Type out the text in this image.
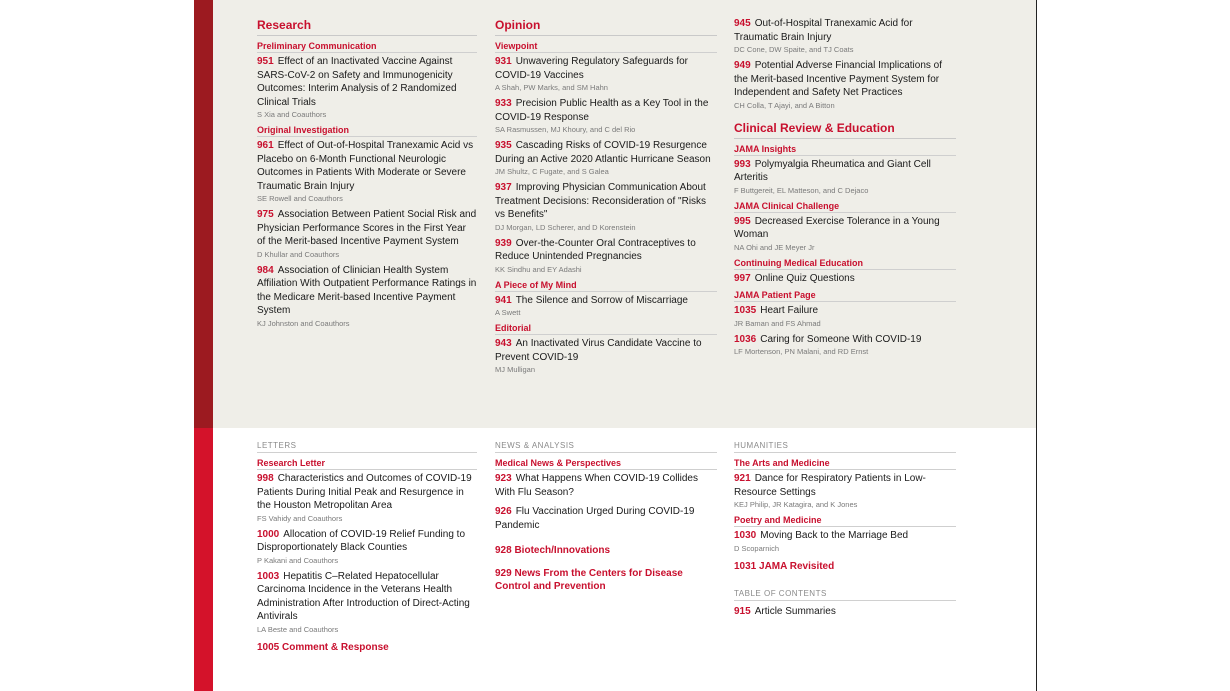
Research
Preliminary Communication
951 Effect of an Inactivated Vaccine Against SARS-CoV-2 on Safety and Immunogenicity Outcomes: Interim Analysis of 2 Randomized Clinical Trials
S Xia and Coauthors
Original Investigation
961 Effect of Out-of-Hospital Tranexamic Acid vs Placebo on 6-Month Functional Neurologic Outcomes in Patients With Moderate or Severe Traumatic Brain Injury
SE Rowell and Coauthors
975 Association Between Patient Social Risk and Physician Performance Scores in the First Year of the Merit-based Incentive Payment System
D Khullar and Coauthors
984 Association of Clinician Health System Affiliation With Outpatient Performance Ratings in the Medicare Merit-based Incentive Payment System
KJ Johnston and Coauthors
Opinion
Viewpoint
931 Unwavering Regulatory Safeguards for COVID-19 Vaccines
A Shah, PW Marks, and SM Hahn
933 Precision Public Health as a Key Tool in the COVID-19 Response
SA Rasmussen, MJ Khoury, and C del Rio
935 Cascading Risks of COVID-19 Resurgence During an Active 2020 Atlantic Hurricane Season
JM Shultz, C Fugate, and S Galea
937 Improving Physician Communication About Treatment Decisions: Reconsideration of "Risks vs Benefits"
DJ Morgan, LD Scherer, and D Korenstein
939 Over-the-Counter Oral Contraceptives to Reduce Unintended Pregnancies
KK Sindhu and EY Adashi
A Piece of My Mind
941 The Silence and Sorrow of Miscarriage
A Swett
Editorial
943 An Inactivated Virus Candidate Vaccine to Prevent COVID-19
MJ Mulligan
945 Out-of-Hospital Tranexamic Acid for Traumatic Brain Injury
DC Cone, DW Spaite, and TJ Coats
949 Potential Adverse Financial Implications of the Merit-based Incentive Payment System for Independent and Safety Net Practices
CH Colla, T Ajayi, and A Bitton
Clinical Review & Education
JAMA Insights
993 Polymyalgia Rheumatica and Giant Cell Arteritis
F Buttgereit, EL Matteson, and C Dejaco
JAMA Clinical Challenge
995 Decreased Exercise Tolerance in a Young Woman
NA Ohi and JE Meyer Jr
Continuing Medical Education
997 Online Quiz Questions
JAMA Patient Page
1035 Heart Failure
JR Baman and FS Ahmad
1036 Caring for Someone With COVID-19
LF Mortenson, PN Malani, and RD Ernst
LETTERS
Research Letter
998 Characteristics and Outcomes of COVID-19 Patients During Initial Peak and Resurgence in the Houston Metropolitan Area
FS Vahidy and Coauthors
1000 Allocation of COVID-19 Relief Funding to Disproportionately Black Counties
P Kakani and Coauthors
1003 Hepatitis C–Related Hepatocellular Carcinoma Incidence in the Veterans Health Administration After Introduction of Direct-Acting Antivirals
LA Beste and Coauthors
1005 Comment & Response
NEWS & ANALYSIS
Medical News & Perspectives
923 What Happens When COVID-19 Collides With Flu Season?
926 Flu Vaccination Urged During COVID-19 Pandemic
928 Biotech/Innovations
929 News From the Centers for Disease Control and Prevention
HUMANITIES
The Arts and Medicine
921 Dance for Respiratory Patients in Low-Resource Settings
KEJ Philip, JR Katagira, and K Jones
Poetry and Medicine
1030 Moving Back to the Marriage Bed
D Scoparnich
1031 JAMA Revisited
TABLE OF CONTENTS
915 Article Summaries
